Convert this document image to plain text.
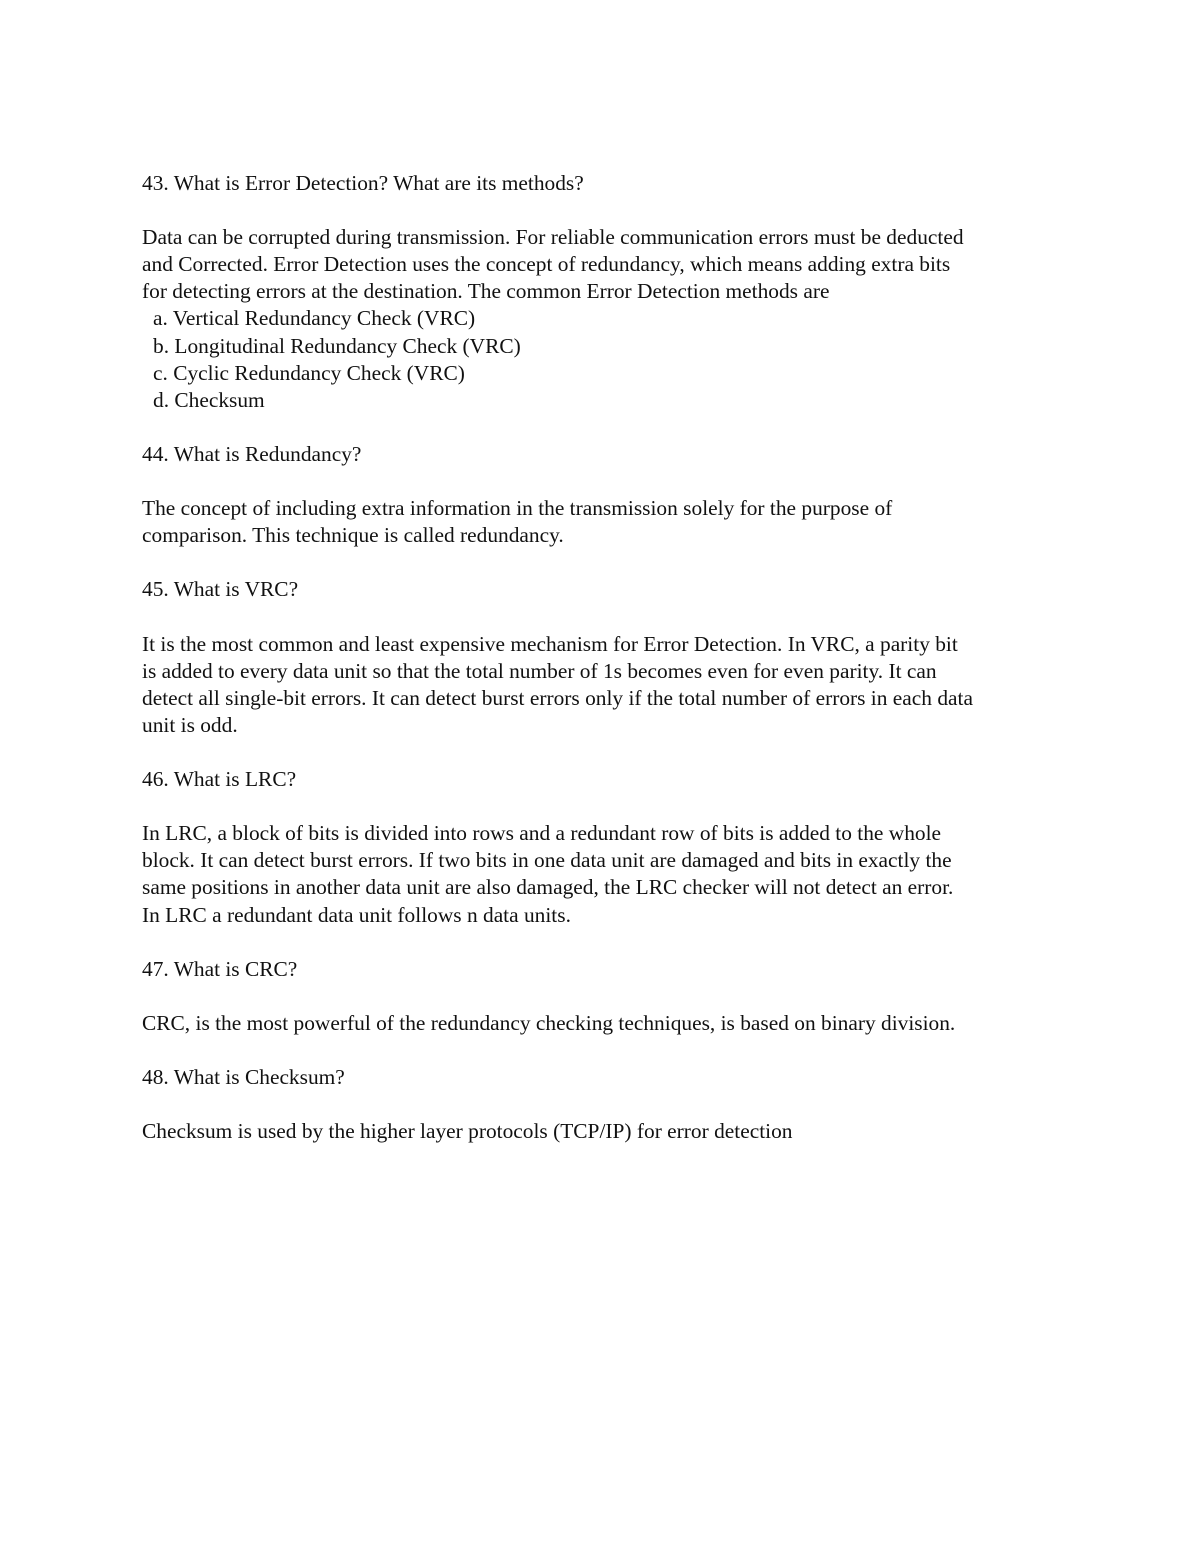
43. What is Error Detection? What are its methods?
Data can be corrupted during transmission. For reliable communication errors must be deducted
and Corrected. Error Detection uses the concept of redundancy, which means adding extra bits
for detecting errors at the destination. The common Error Detection methods are
a. Vertical Redundancy Check (VRC)
b. Longitudinal Redundancy Check (VRC)
c. Cyclic Redundancy Check (VRC)
d. Checksum
44. What is Redundancy?
The concept of including extra information in the transmission solely for the purpose of
comparison. This technique is called redundancy.
45. What is VRC?
It is the most common and least expensive mechanism for Error Detection. In VRC, a parity bit
is added to every data unit so that the total number of 1s becomes even for even parity. It can
detect all single-bit errors. It can detect burst errors only if the total number of errors in each data
unit is odd.
46. What is LRC?
In LRC, a block of bits is divided into rows and a redundant row of bits is added to the whole
block. It can detect burst errors. If two bits in one data unit are damaged and bits in exactly the
same positions in another data unit are also damaged, the LRC checker will not detect an error.
In LRC a redundant data unit follows n data units.
47. What is CRC?
CRC, is the most powerful of the redundancy checking techniques, is based on binary division.
48. What is Checksum?
Checksum is used by the higher layer protocols (TCP/IP) for error detection
